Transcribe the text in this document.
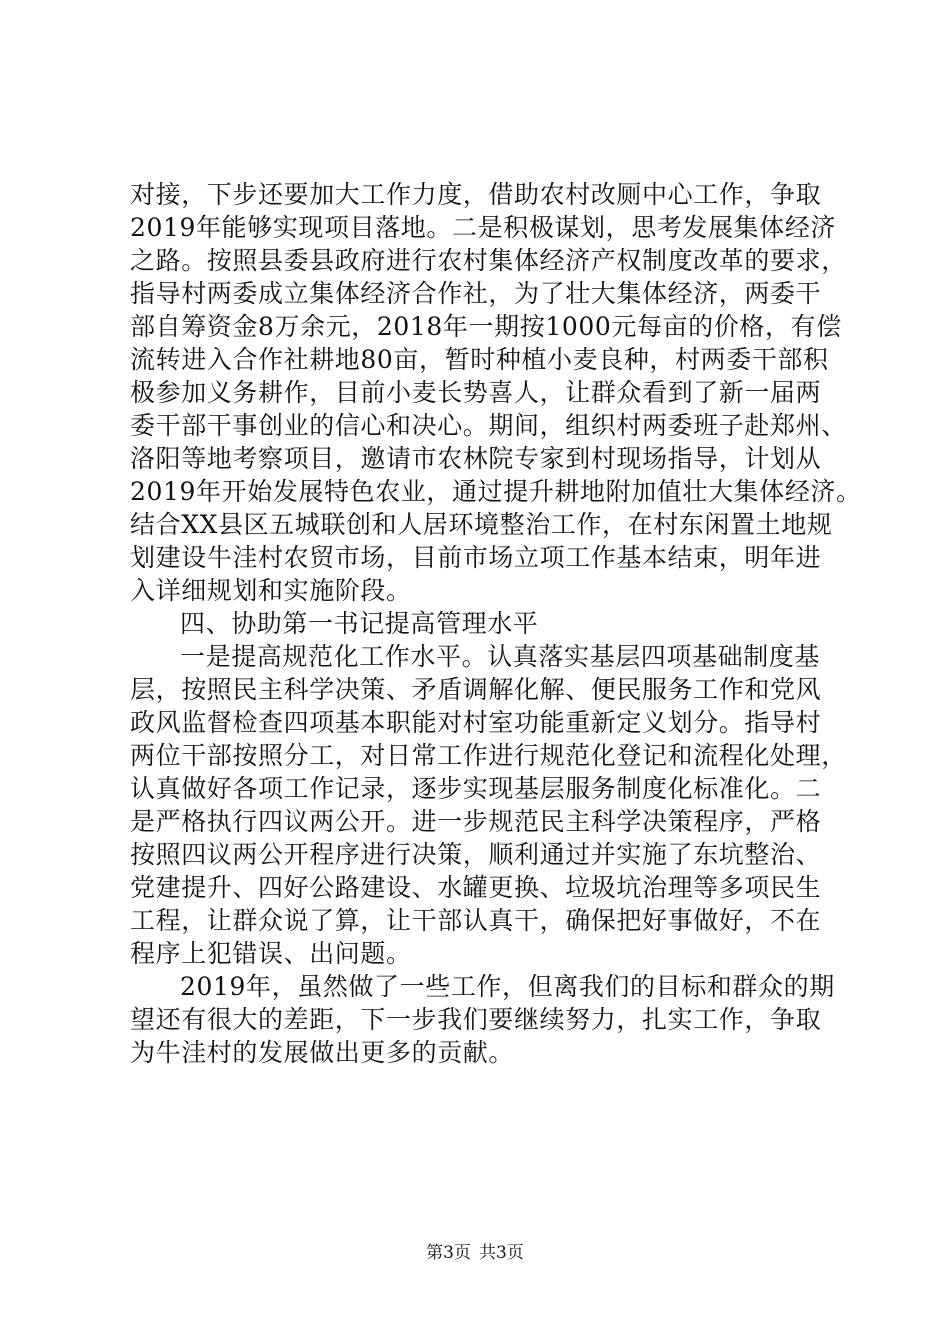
对接，下步还要加大工作力度，借助农村改厕中心工作，争取
2019年能够实现项目落地。二是积极谋划，思考发展集体经济
之路。按照县委县政府进行农村集体经济产权制度改革的要求，
指导村两委成立集体经济合作社，为了壮大集体经济，两委干
部自筹资金8万余元，2018年一期按1000元每亩的价格，有偿
流转进入合作社耕地80亩，暂时种植小麦良种，村两委干部积
极参加义务耕作，目前小麦长势喜人，让群众看到了新一届两
委干部干事创业的信心和决心。期间，组织村两委班子赴郑州、
洛阳等地考察项目，邀请市农林院专家到村现场指导，计划从
2019年开始发展特色农业，通过提升耕地附加值壮大集体经济。
结合XX县区五城联创和人居环境整治工作，在村东闲置土地规
划建设牛洼村农贸市场，目前市场立项工作基本结束，明年进
入详细规划和实施阶段。
四、协助第一书记提高管理水平
一是提高规范化工作水平。认真落实基层四项基础制度基
层，按照民主科学决策、矛盾调解化解、便民服务工作和党风
政风监督检查四项基本职能对村室功能重新定义划分。指导村
两位干部按照分工，对日常工作进行规范化登记和流程化处理，
认真做好各项工作记录，逐步实现基层服务制度化标准化。二
是严格执行四议两公开。进一步规范民主科学决策程序，严格
按照四议两公开程序进行决策，顺利通过并实施了东坑整治、
党建提升、四好公路建设、水罐更换、垃圾坑治理等多项民生
工程，让群众说了算，让干部认真干，确保把好事做好，不在
程序上犯错误、出问题。
2019年，虽然做了一些工作，但离我们的目标和群众的期
望还有很大的差距，下一步我们要继续努力，扎实工作，争取
为牛洼村的发展做出更多的贡献。
第3页 共3页
